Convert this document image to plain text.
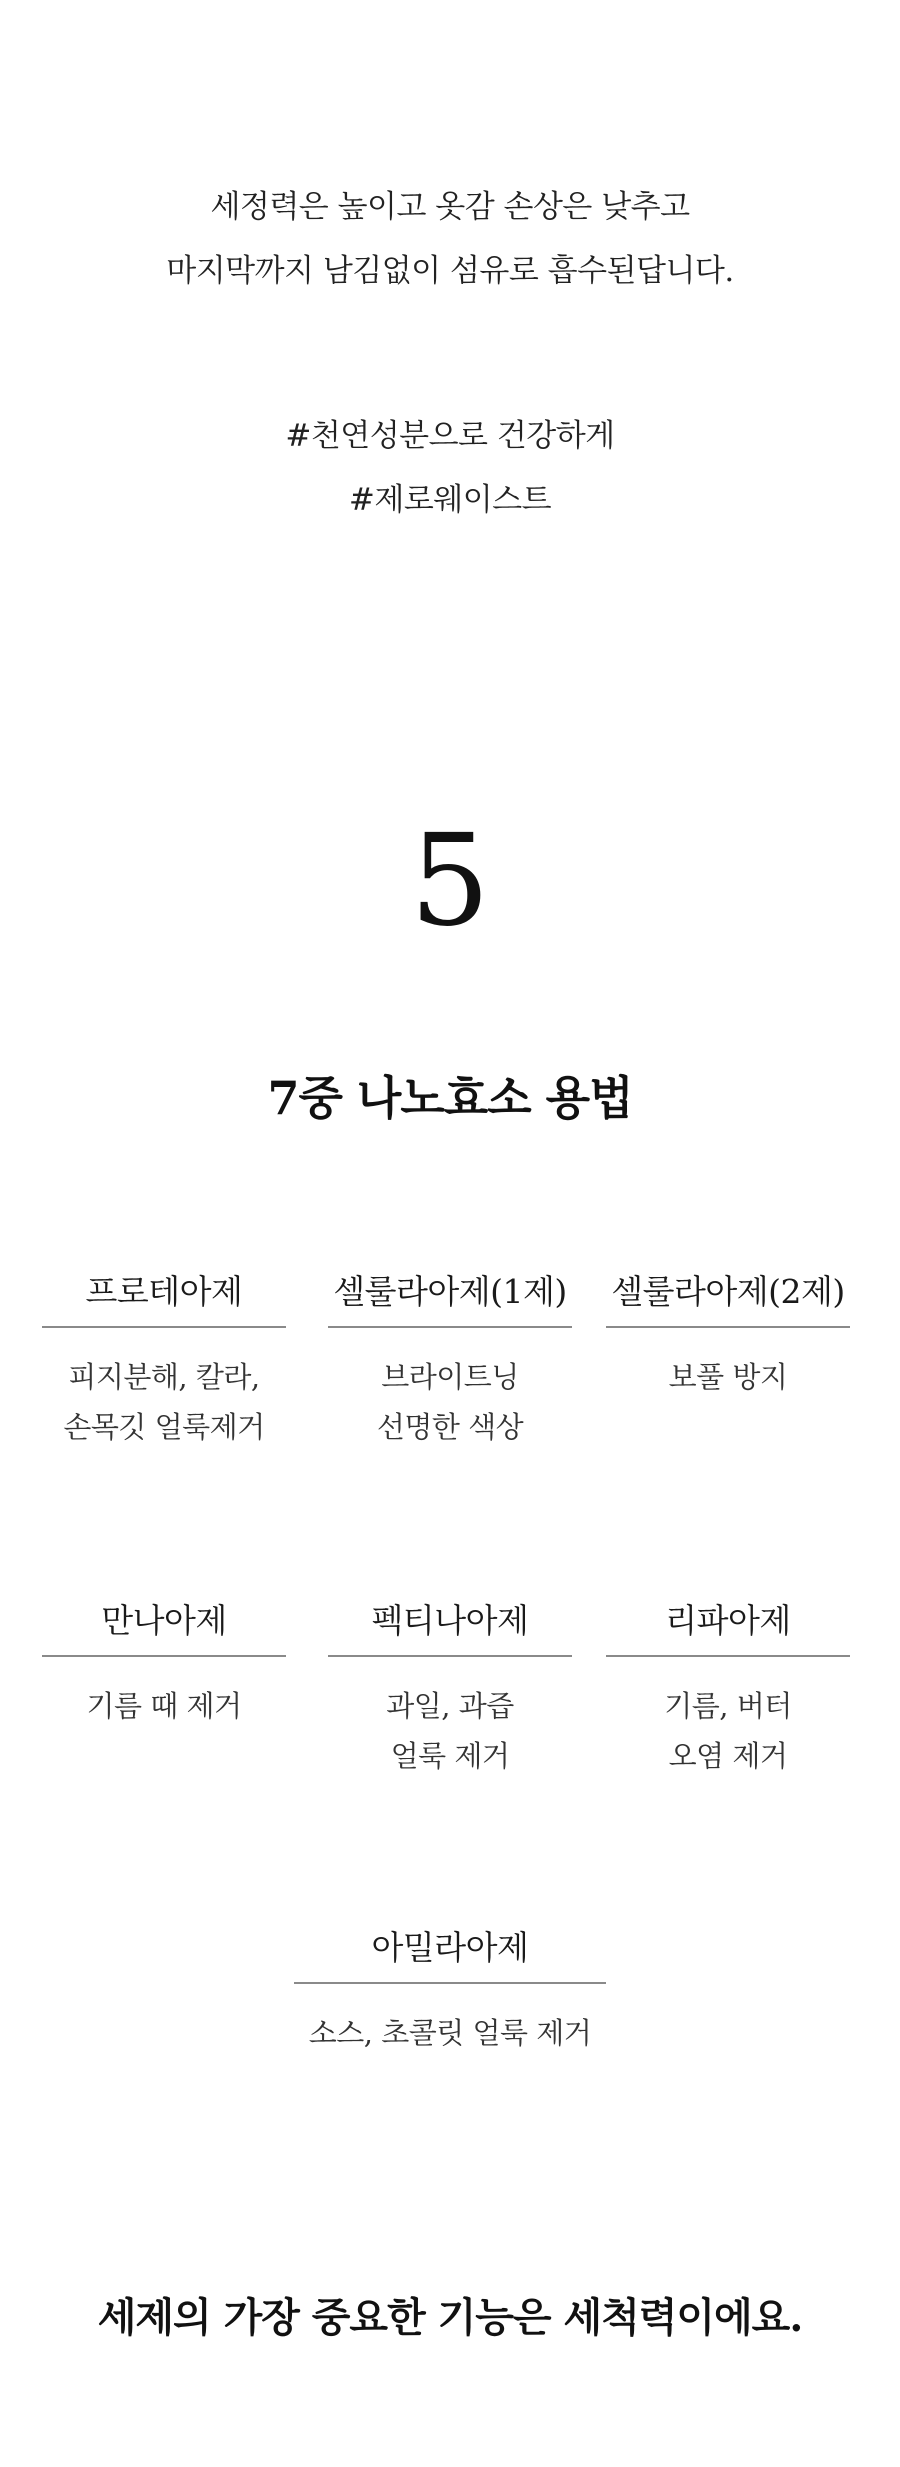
세정력은 높이고 옷감 손상은 낮추고
마지막까지 남김없이 섬유로 흡수된답니다.
#천연성분으로 건강하게
#제로웨이스트
5
7중 나노효소 용법
프로테아제
피지분해, 칼라,
손목깃 얼룩제거
셀룰라아제(1제)
브라이트닝
선명한 색상
셀룰라아제(2제)
보풀 방지
만나아제
기름 때 제거
펙티나아제
과일, 과즙
얼룩 제거
리파아제
기름, 버터
오염 제거
아밀라아제
소스, 초콜릿 얼룩 제거
세제의 가장 중요한 기능은 세척력이에요.
